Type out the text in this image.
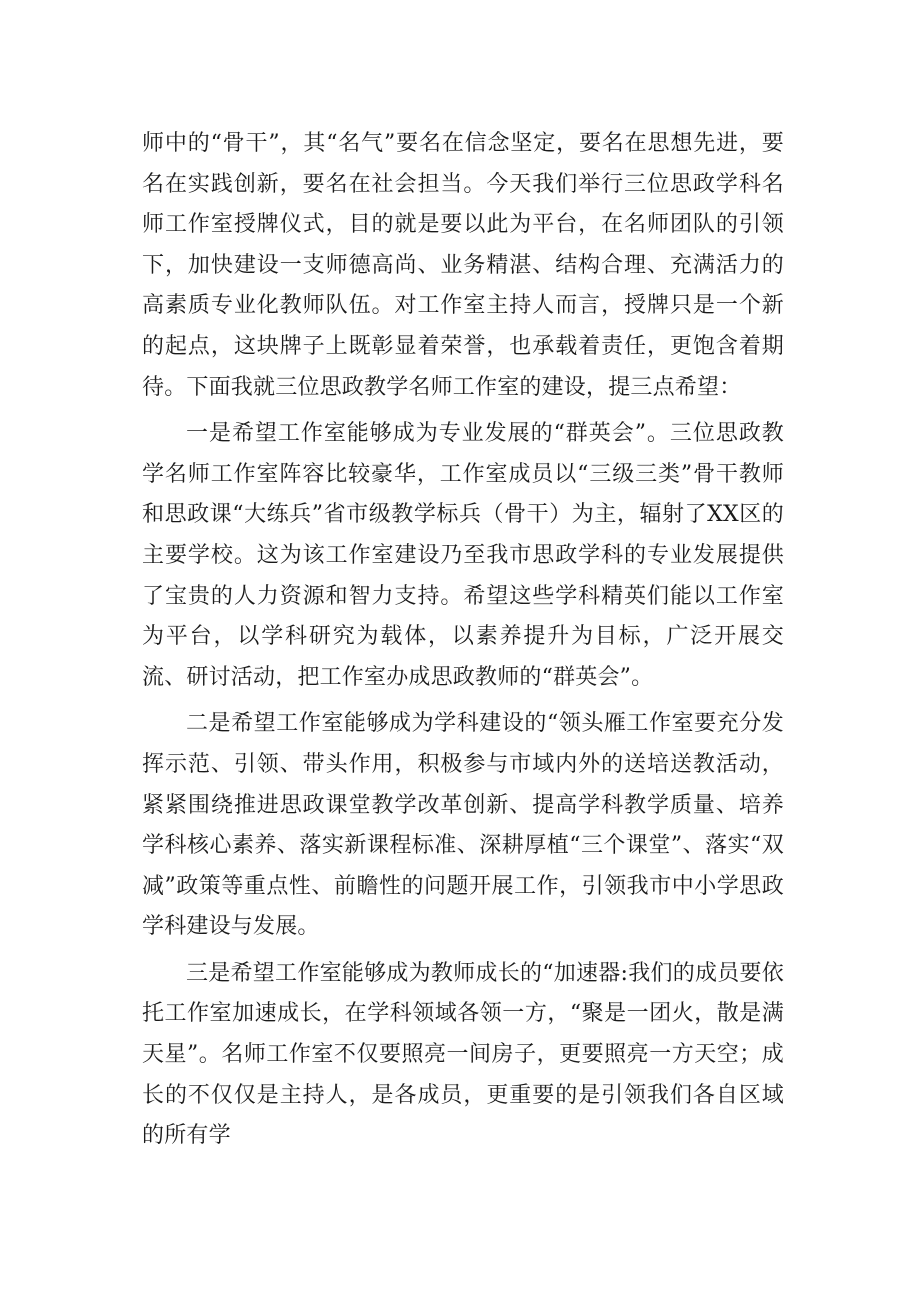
师中的“骨干”，其“名气”要名在信念坚定，要名在思想先进，要名在实践创新，要名在社会担当。今天我们举行三位思政学科名师工作室授牌仪式，目的就是要以此为平台，在名师团队的引领下，加快建设一支师德高尚、业务精湛、结构合理、充满活力的高素质专业化教师队伍。对工作室主持人而言，授牌只是一个新的起点，这块牌子上既彰显着荣誉，也承载着责任，更饱含着期待。下面我就三位思政教学名师工作室的建设，提三点希望：

一是希望工作室能够成为专业发展的“群英会”。三位思政教学名师工作室阵容比较豪华，工作室成员以“三级三类”骨干教师和思政课“大练兵”省市级教学标兵（骨干）为主，辐射了XX区的主要学校。这为该工作室建设乃至我市思政学科的专业发展提供了宝贵的人力资源和智力支持。希望这些学科精英们能以工作室为平台，以学科研究为载体，以素养提升为目标，广泛开展交流、研讨活动，把工作室办成思政教师的“群英会”。

二是希望工作室能够成为学科建设的“领头雁工作室要充分发挥示范、引领、带头作用，积极参与市域内外的送培送教活动，紧紧围绕推进思政课堂教学改革创新、提高学科教学质量、培养学科核心素养、落实新课程标准、深耕厚植“三个课堂”、落实“双减”政策等重点性、前瞻性的问题开展工作，引领我市中小学思政学科建设与发展。

三是希望工作室能够成为教师成长的“加速器:我们的成员要依托工作室加速成长，在学科领域各领一方，“聚是一团火，散是满天星”。名师工作室不仅要照亮一间房子，更要照亮一方天空；成长的不仅仅是主持人，是各成员，更重要的是引领我们各自区域的所有学
